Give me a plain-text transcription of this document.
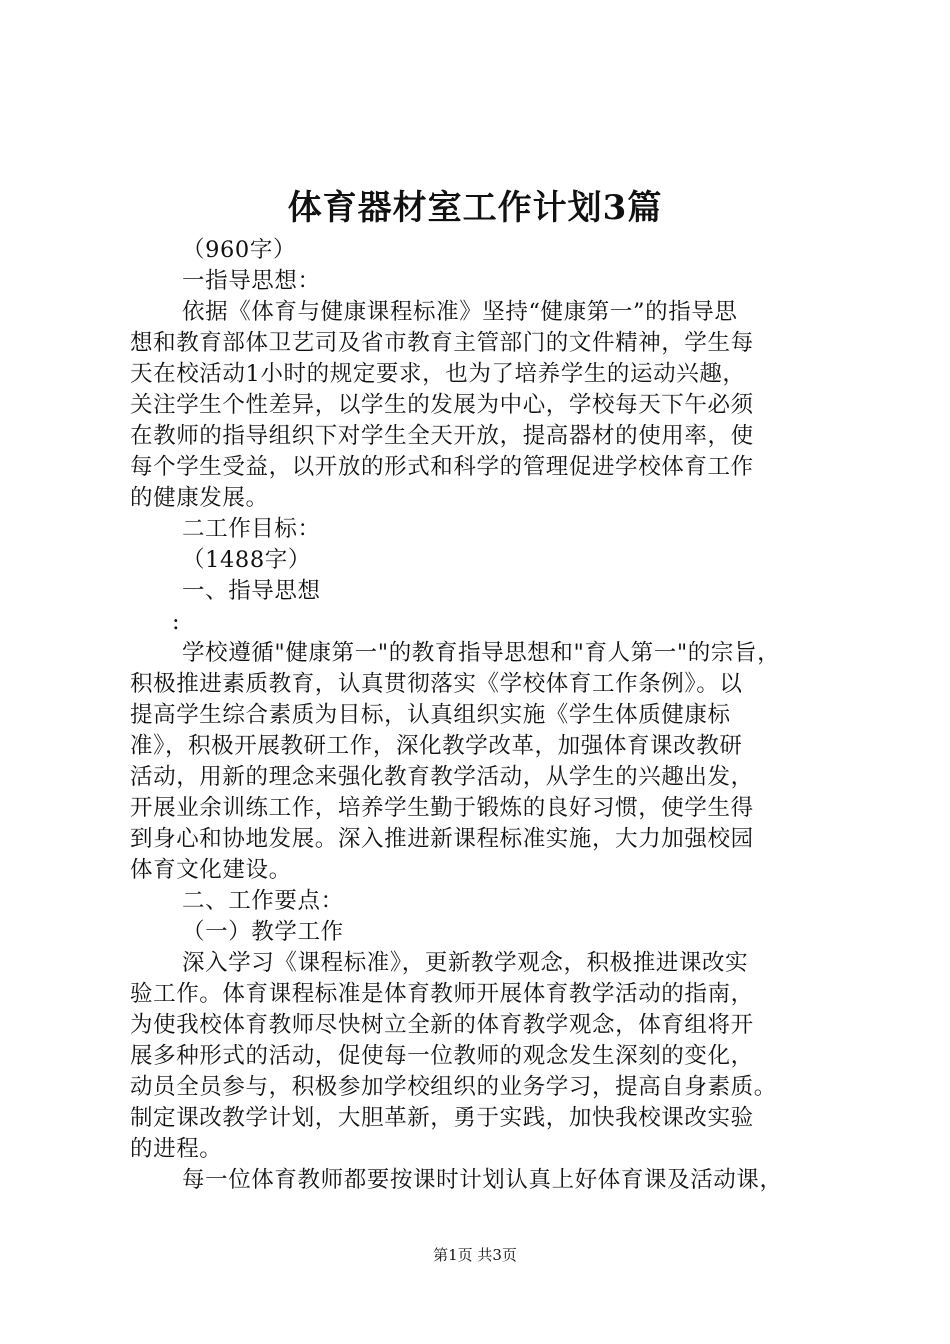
体育器材室工作计划3篇
（960字）
一指导思想：
依据《体育与健康课程标准》坚持“健康第一”的指导思
想和教育部体卫艺司及省市教育主管部门的文件精神，学生每
天在校活动1小时的规定要求，也为了培养学生的运动兴趣，
关注学生个性差异，以学生的发展为中心，学校每天下午必须
在教师的指导组织下对学生全天开放，提高器材的使用率，使
每个学生受益，以开放的形式和科学的管理促进学校体育工作
的健康发展。
二工作目标：
（1488字）
一、指导思想
:
学校遵循"健康第一"的教育指导思想和"育人第一"的宗旨，
积极推进素质教育，认真贯彻落实《学校体育工作条例》。以
提高学生综合素质为目标，认真组织实施《学生体质健康标
准》，积极开展教研工作，深化教学改革，加强体育课改教研
活动，用新的理念来强化教育教学活动，从学生的兴趣出发，
开展业余训练工作，培养学生勤于锻炼的良好习惯，使学生得
到身心和协地发展。深入推进新课程标准实施，大力加强校园
体育文化建设。
二、工作要点：
（一）教学工作
深入学习《课程标准》，更新教学观念，积极推进课改实
验工作。体育课程标准是体育教师开展体育教学活动的指南，
为使我校体育教师尽快树立全新的体育教学观念，体育组将开
展多种形式的活动，促使每一位教师的观念发生深刻的变化，
动员全员参与，积极参加学校组织的业务学习，提高自身素质。
制定课改教学计划，大胆革新，勇于实践，加快我校课改实验
的进程。
每一位体育教师都要按课时计划认真上好体育课及活动课，
第1页 共3页
